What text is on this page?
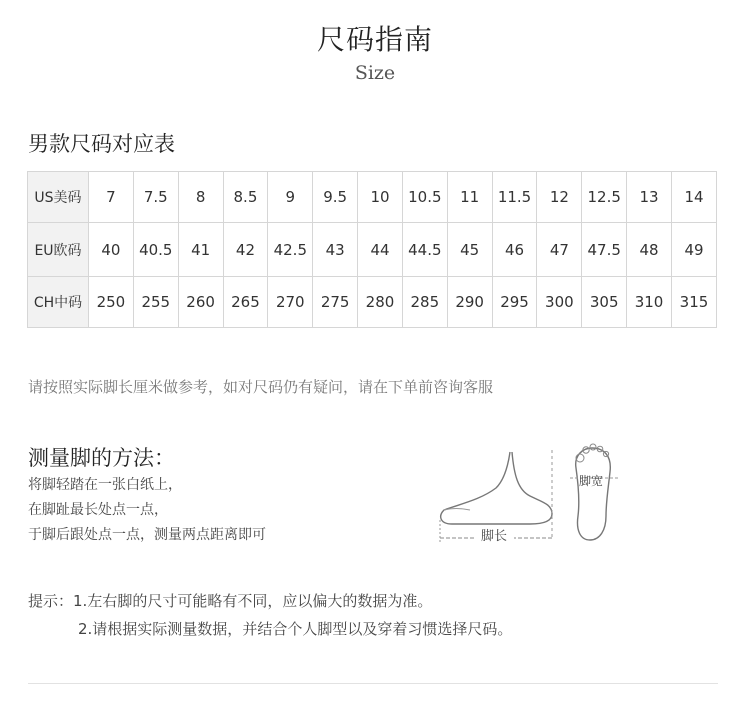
尺码指南
Size
男款尺码对应表
US美码	7	7.5	8	8.5	9	9.5	10	10.5	11	11.5	12	12.5	13	14
EU欧码	40	40.5	41	42	42.5	43	44	44.5	45	46	47	47.5	48	49
CH中码	250	255	260	265	270	275	280	285	290	295	300	305	310	315
请按照实际脚长厘米做参考，如对尺码仍有疑问，请在下单前咨询客服
测量脚的方法：
将脚轻踏在一张白纸上，
在脚趾最长处点一点，
于脚后跟处点一点，测量两点距离即可	脚长
脚宽
提示：1.左右脚的尺寸可能略有不同，应以偏大的数据为准。
2.请根据实际测量数据，并结合个人脚型以及穿着习惯选择尺码。
